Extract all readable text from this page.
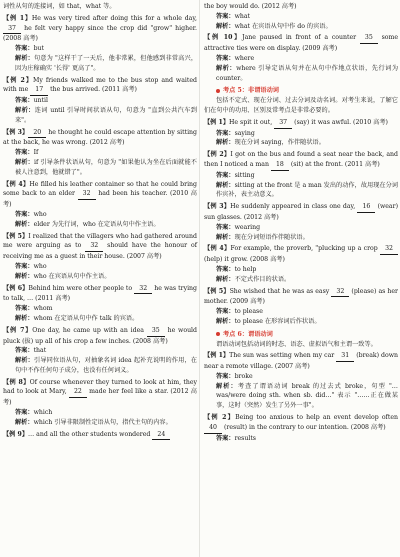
词性从句的连接词，如 that，what 等。
【例 1】He was very tired after doing this for a whole day, 37 he felt very happy since the crop did "grow" higher. (2008 高考)
答案：but
解析：句意为 "这样干了一天后，他非常累，但他感到非常高兴，因为庄稼确实 '长得' 更高了"。
【例 2】My friends walked me to the bus stop and waited with me 17 the bus arrived. (2011 高考)
答案：until
解析：连词 until 引导时间状语从句，句意为 "直到公共汽车到来"。
【例 3】 20 he thought he could escape attention by sitting at the back, he was wrong. (2012 高考)
答案：If
解析：if 引导条件状语从句，句意为 "如果他认为坐在后面就能不被人注意到，他就错了"。
【例 4】He filled his leather container so that he could bring some back to an elder 32 had been his teacher. (2010 高考)
答案：who
解析：elder 为先行词，who 在定语从句中作主语。
【例 5】I realized that the villagers who had gathered around me were arguing as to 32 should have the honour of receiving me as a guest in their house. (2007 高考)
答案：who
解析：who 在宾语从句中作主语。
【例 6】Behind him were other people to 32 he was trying to talk, … (2011 高考)
答案：whom
解析：whom 在定语从句中作 talk 的宾语。
【例 7】One day, he came up with an idea 35 he would pluck (拔) up all of his crop a few inches. (2008 高考)
答案：that
解析：引导同位语从句，对抽象名词 idea 起补充说明的作用，在句中不作任何句子成分，也没有任何词义。
【例 8】Of course whenever they turned to look at him, they had to look at Mary, 22 made her feel like a star. (2012 高考)
答案：which
解析：which 引导非限制性定语从句，指代主句的内容。
【例 9】… and all the other students wondered 24
the boy would do. (2012 高考)
答案：what
解析：what 在宾语从句中作 do 的宾语。
【例 10】Jane paused in front of a counter 35 some attractive ties were on display. (2009 高考)
答案：where
解析：where 引导定语从句并在从句中作地点状语，先行词为 counter。
考点 5：非谓语动词
包括不定式、现在分词、过去分词及动名词。对考生来说，了解它们在句中的功用、区别及常考点是非常必要的。
【例 1】He spit it out, 37 (say) it was awful. (2010 高考)
答案：saying
解析：现在分词 saying，作伴随状语。
【例 2】I got on the bus and found a seat near the back, and then I noticed a man 18 (sit) at the front. (2011 高考)
答案：sitting
解析：sitting at the front 是 a man 发出的动作，故用现在分词作宾补，表主动意义。
【例 3】He suddenly appeared in class one day, 16 (wear) sun glasses. (2012 高考)
答案：wearing
解析：现在分词短语作伴随状语。
【例 4】For example, the proverb, "plucking up a crop 32 (help) it grow. (2008 高考)
答案：to help
解析：不定式作目的状语。
【例 5】She wished that he was as easy 32 (please) as her mother. (2009 高考)
答案：to please
解析：to please 在形容词后作状语。
考点 6：谓语动词
谓语动词包括动词的时态、语态、虚拟语气和主谓一致等。
【例 1】The sun was setting when my car 31 (break) down near a remote village. (2007 高考)
答案：broke
解析：考查了谓语动词 break 的过去式 broke，句型 "…was/were doing sth. when sb. did…" 表示 "……正在做某事，这时（突然）发生了另外一事"。
【例 2】Being too anxious to help an event develop often 40 (result) in the contrary to our intention. (2008 高考)
答案：results
